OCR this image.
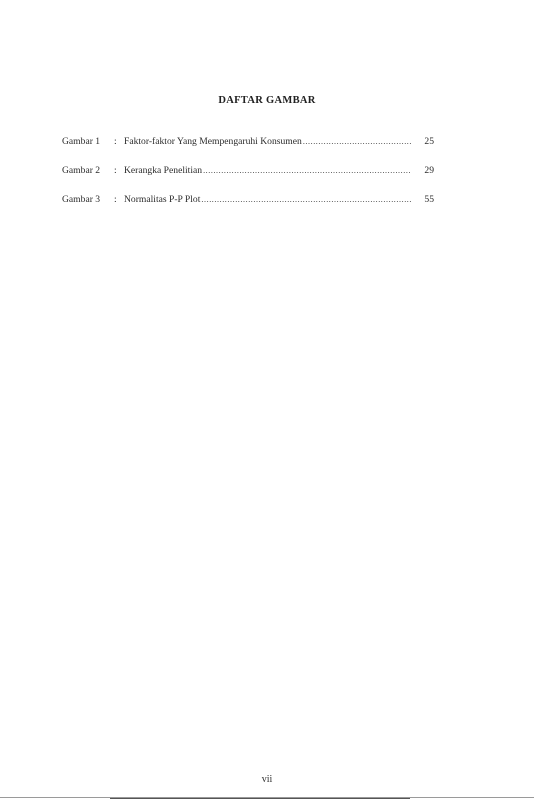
DAFTAR GAMBAR
Gambar 1	: Faktor-faktor Yang Mempengaruhi Konsumen .....	25
Gambar 2	: Kerangka Penelitian .....	29
Gambar 3	: Normalitas P-P Plot .....	55
vii
